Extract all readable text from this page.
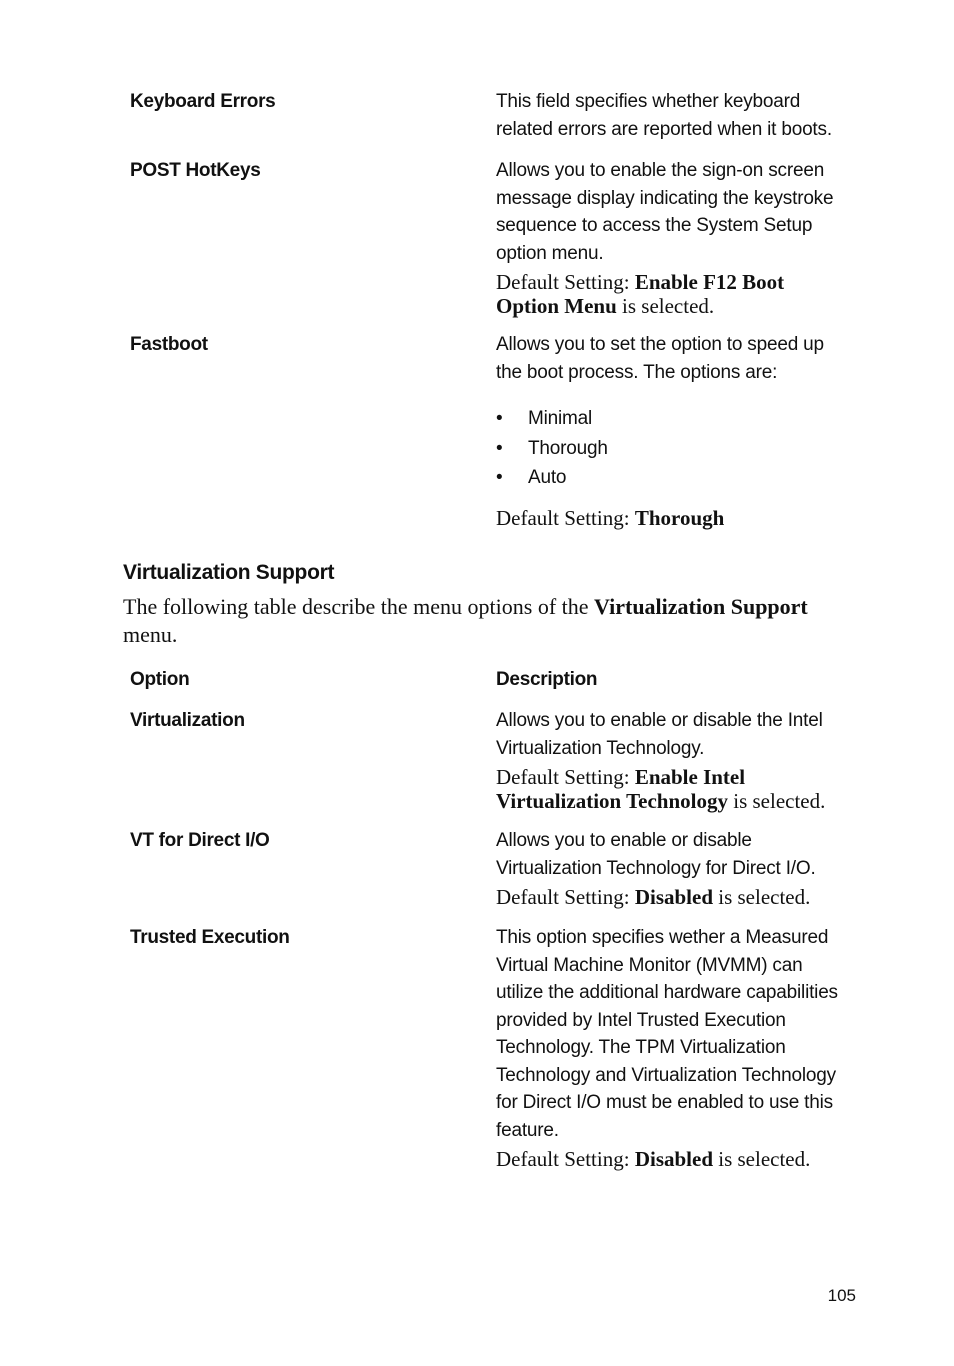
Keyboard Errors	This field specifies whether keyboard
related errors are reported when it boots.
POST HotKeys	Allows you to enable the sign-on screen
message display indicating the keystroke
sequence to access the System Setup
option menu.
Default Setting: Enable F12 Boot
Option Menu is selected.
Fastboot	Allows you to set the option to speed up
the boot process. The options are:
• Minimal
• Thorough
• Auto
Default Setting: Thorough
Virtualization Support
The following table describe the menu options of the Virtualization Support
menu.
Option	Description
Virtualization	Allows you to enable or disable the Intel
Virtualization Technology.
Default Setting: Enable Intel
Virtualization Technology is selected.
VT for Direct I/O	Allows you to enable or disable
Virtualization Technology for Direct I/O.
Default Setting: Disabled is selected.
Trusted Execution	This option specifies wether a Measured
Virtual Machine Monitor (MVMM) can
utilize the additional hardware capabilities
provided by Intel Trusted Execution
Technology. The TPM Virtualization
Technology and Virtualization Technology
for Direct I/O must be enabled to use this
feature.
Default Setting: Disabled is selected.
105
